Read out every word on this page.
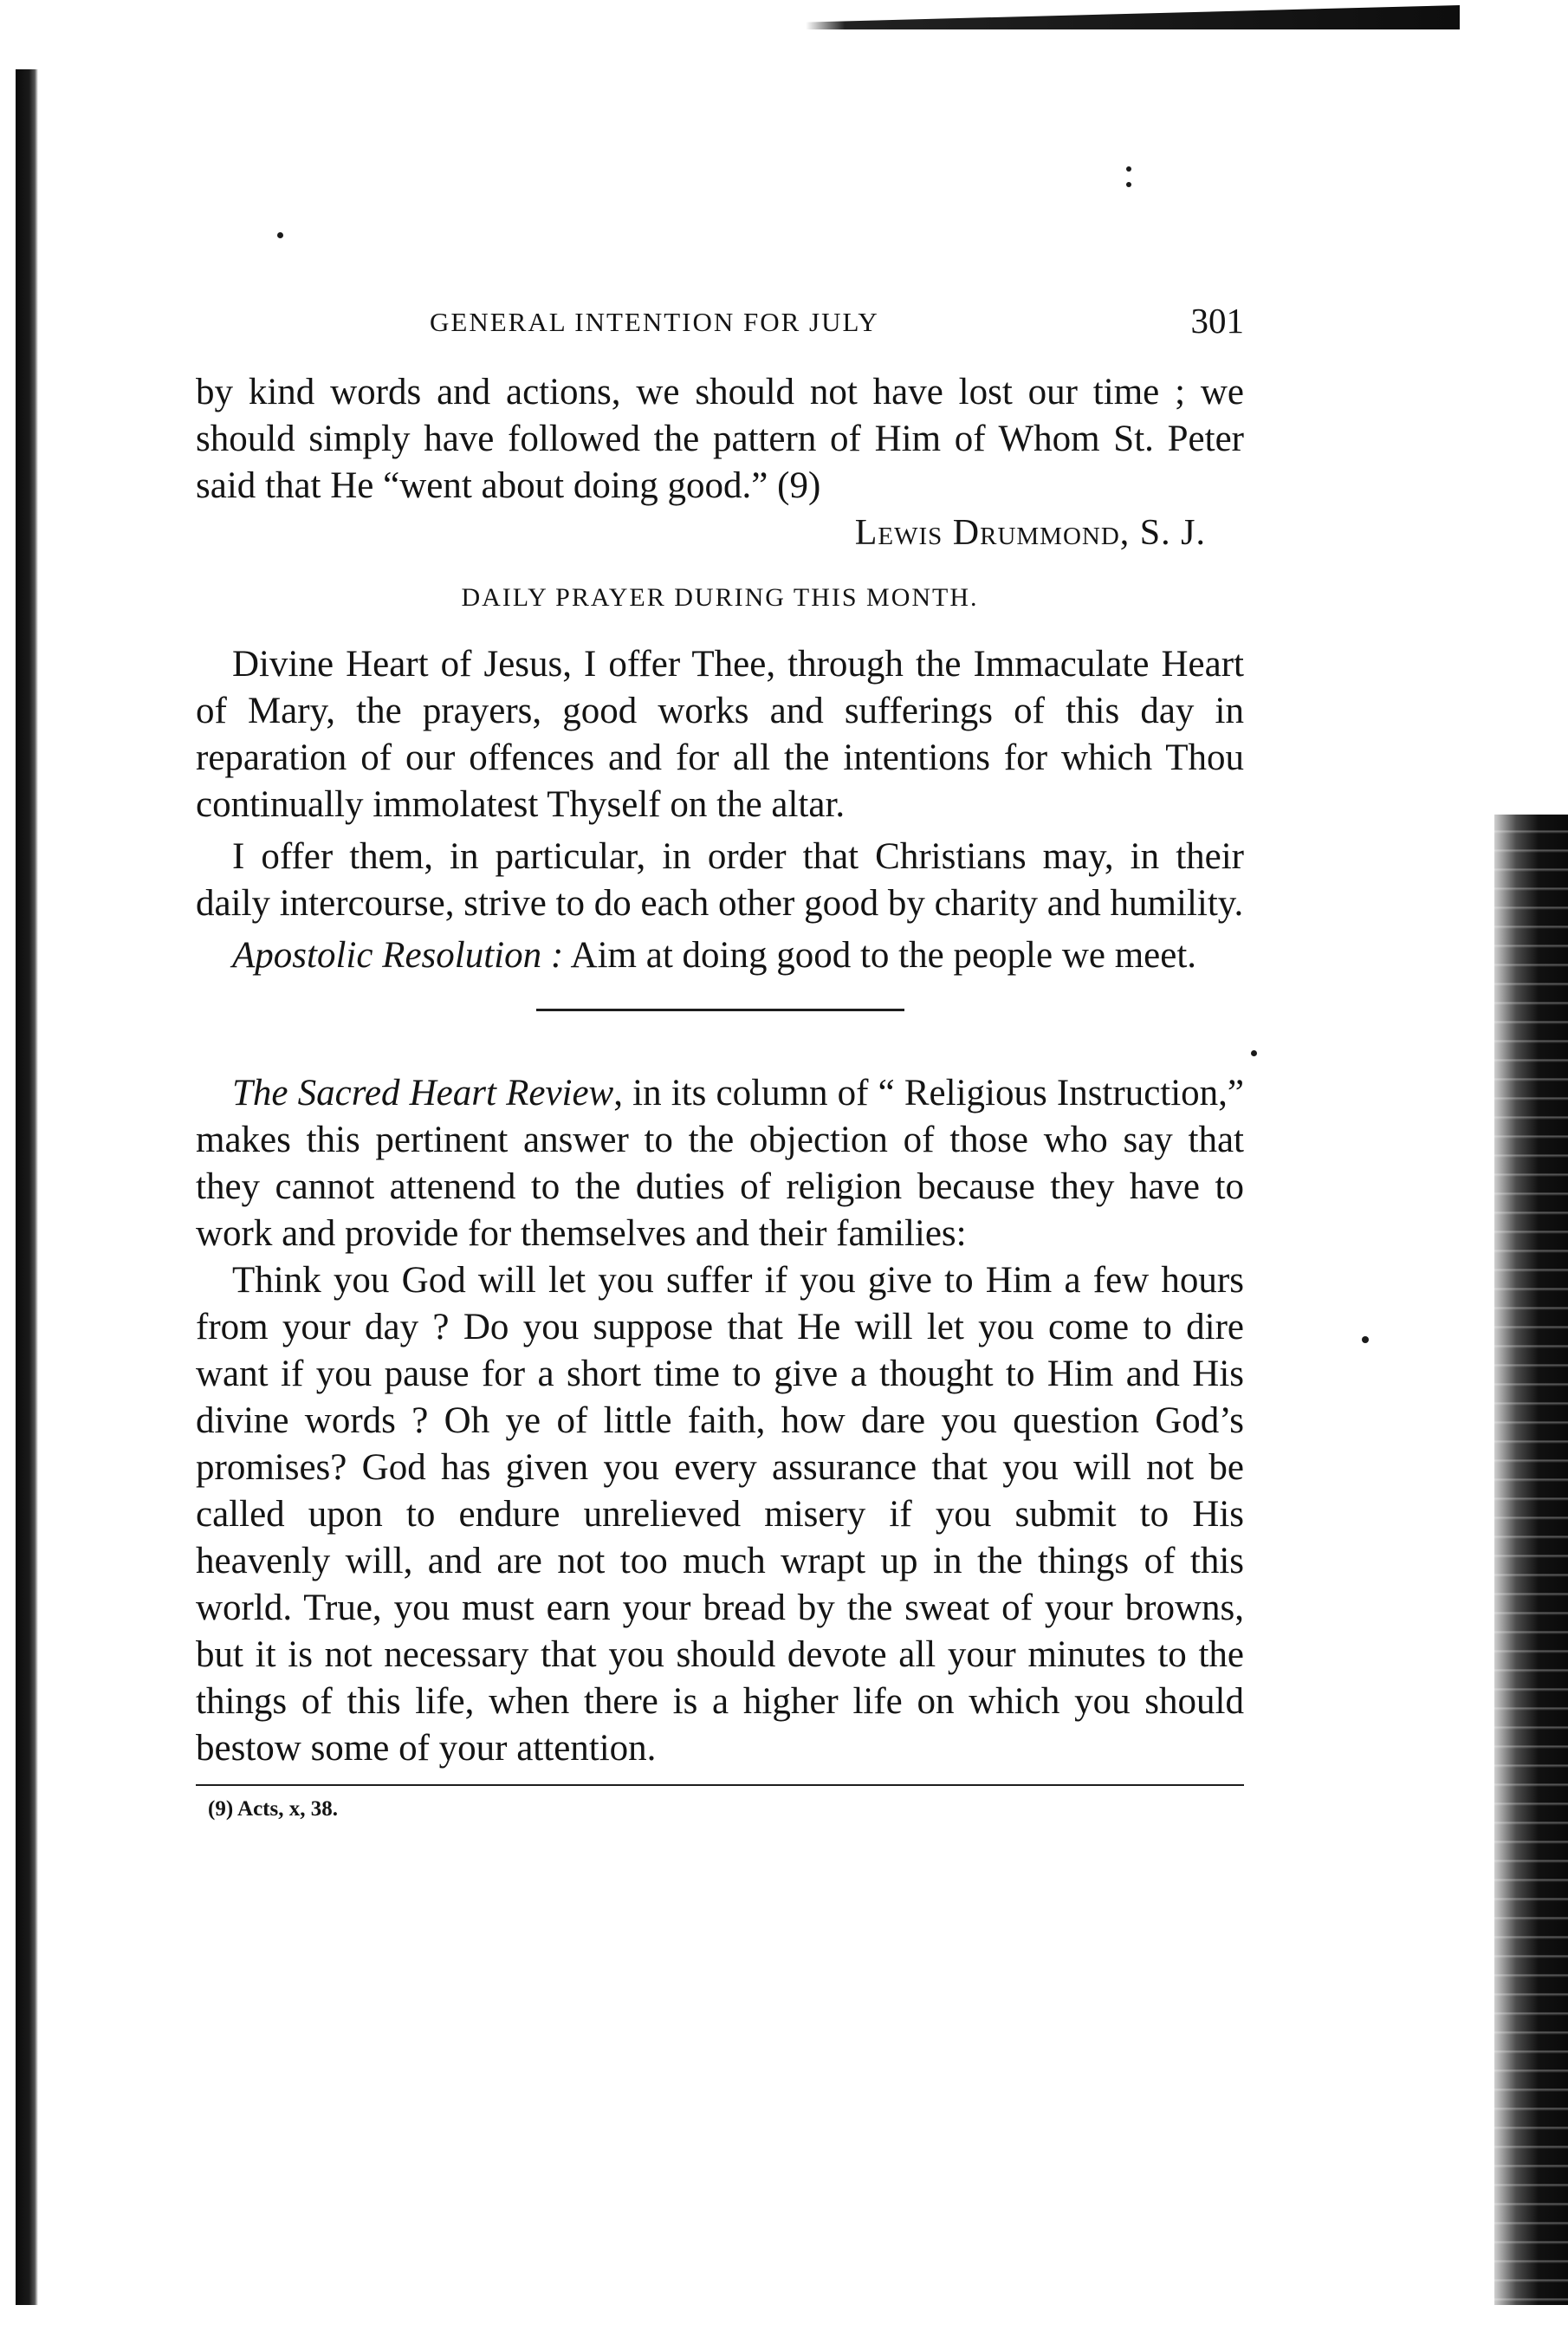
GENERAL INTENTION FOR JULY	301

by kind words and actions, we should not have lost our time ; we should simply have followed the pattern of Him of Whom St. Peter said that He “went about doing good.” (9)

Lewis Drummond, S. J.
DAILY PRAYER DURING THIS MONTH.

Divine Heart of Jesus, I offer Thee, through the Immaculate Heart of Mary, the prayers, good works and sufferings of this day in reparation of our offences and for all the intentions for which Thou continually immolatest Thyself on the altar.

I offer them, in particular, in order that Christians may, in their daily intercourse, strive to do each other good by charity and humility.

Apostolic Resolution : Aim at doing good to the people we meet.

The Sacred Heart Review, in its column of “ Religious Instruction,” makes this pertinent answer to the objection of those who say that they cannot attenend to the duties of religion because they have to work and provide for themselves and their families:

Think you God will let you suffer if you give to Him a few hours from your day ? Do you suppose that He will let you come to dire want if you pause for a short time to give a thought to Him and His divine words ? Oh ye of little faith, how dare you question God’s promises? God has given you every assurance that you will not be called upon to endure unrelieved misery if you submit to His heavenly will, and are not too much wrapt up in the things of this world. True, you must earn your bread by the sweat of your browns, but it is not necessary that you should devote all your minutes to the things of this life, when there is a higher life on which you should bestow some of your attention.

(9) Acts, x, 38.
